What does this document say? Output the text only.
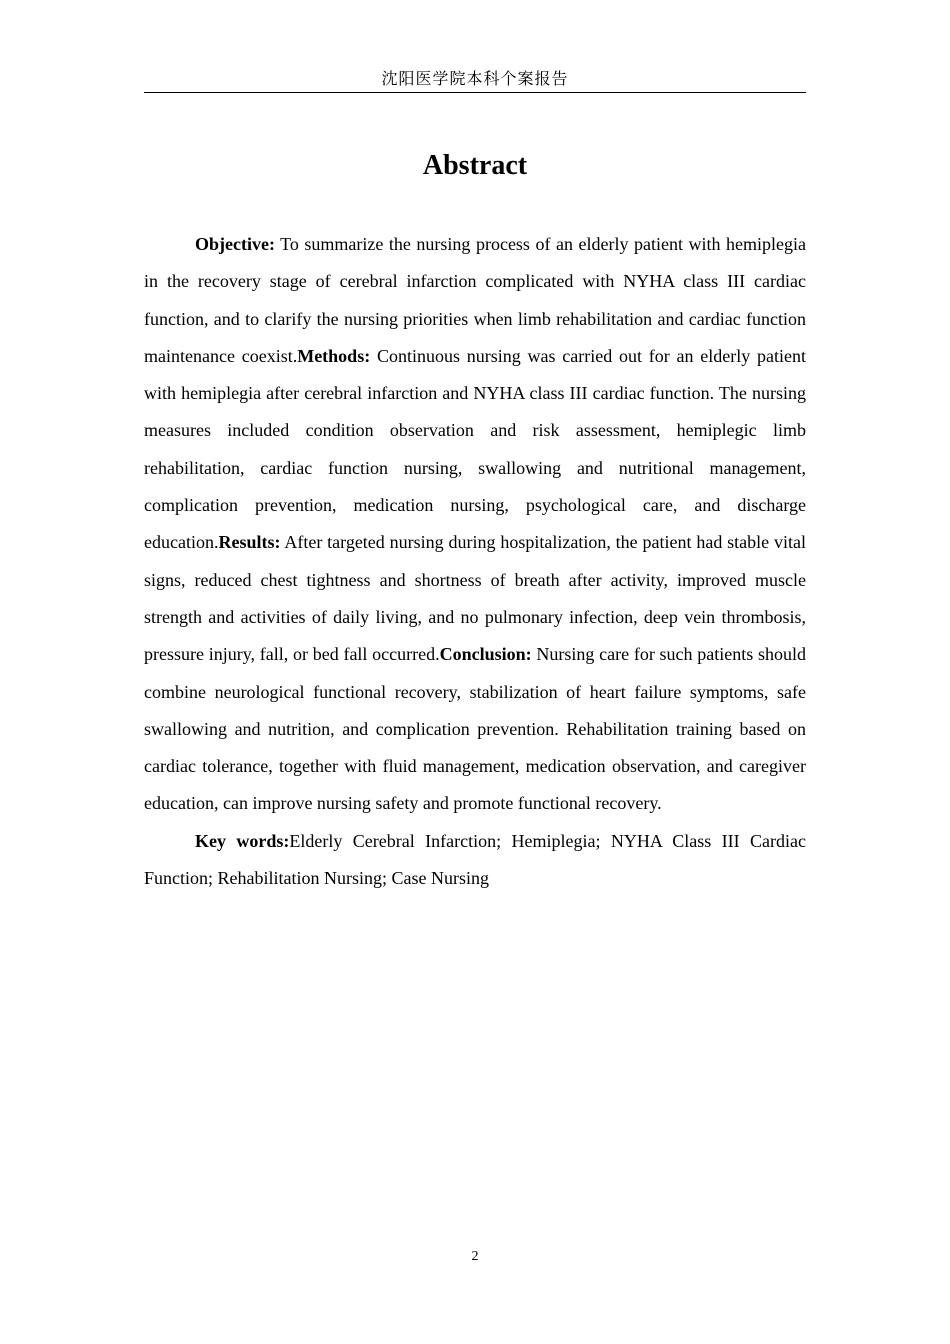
沈阳医学院本科个案报告
Abstract

Objective: To summarize the nursing process of an elderly patient with hemiplegia in the recovery stage of cerebral infarction complicated with NYHA class III cardiac function, and to clarify the nursing priorities when limb rehabilitation and cardiac function maintenance coexist.Methods: Continuous nursing was carried out for an elderly patient with hemiplegia after cerebral infarction and NYHA class III cardiac function. The nursing measures included condition observation and risk assessment, hemiplegic limb rehabilitation, cardiac function nursing, swallowing and nutritional management, complication prevention, medication nursing, psychological care, and discharge education.Results: After targeted nursing during hospitalization, the patient had stable vital signs, reduced chest tightness and shortness of breath after activity, improved muscle strength and activities of daily living, and no pulmonary infection, deep vein thrombosis, pressure injury, fall, or bed fall occurred.Conclusion: Nursing care for such patients should combine neurological functional recovery, stabilization of heart failure symptoms, safe swallowing and nutrition, and complication prevention. Rehabilitation training based on cardiac tolerance, together with fluid management, medication observation, and caregiver education, can improve nursing safety and promote functional recovery.

Key words:Elderly Cerebral Infarction; Hemiplegia; NYHA Class III Cardiac Function; Rehabilitation Nursing; Case Nursing

2
